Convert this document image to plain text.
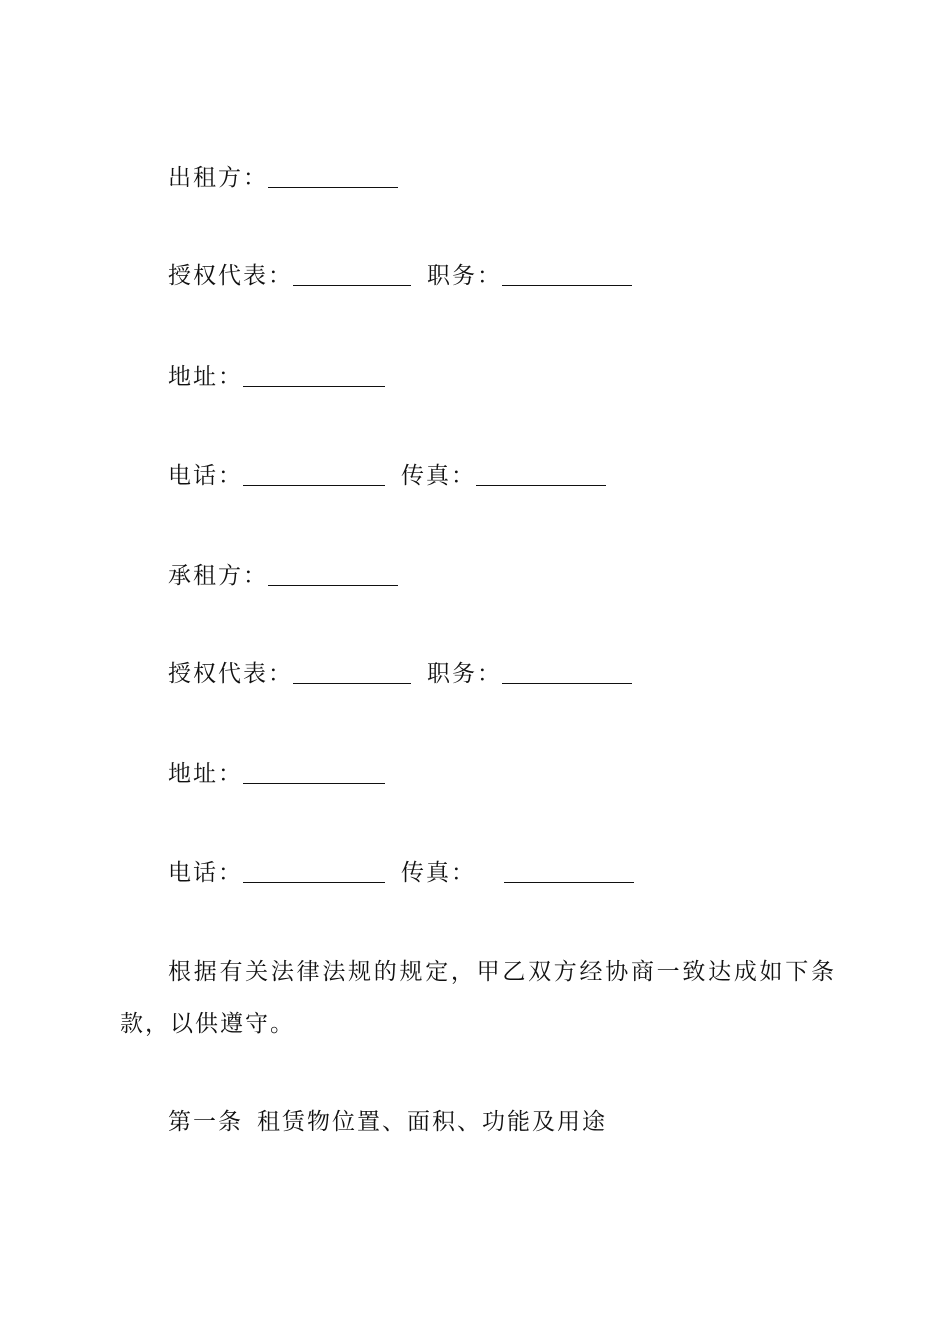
出租方：
授权代表：	职务：
地址：
电话：	传真：
承租方：
授权代表：	职务：
地址：
电话：	传真：
根据有关法律法规的规定，甲乙双方经协商一致达成如下条款，以供遵守。
第一条 租赁物位置、面积、功能及用途
